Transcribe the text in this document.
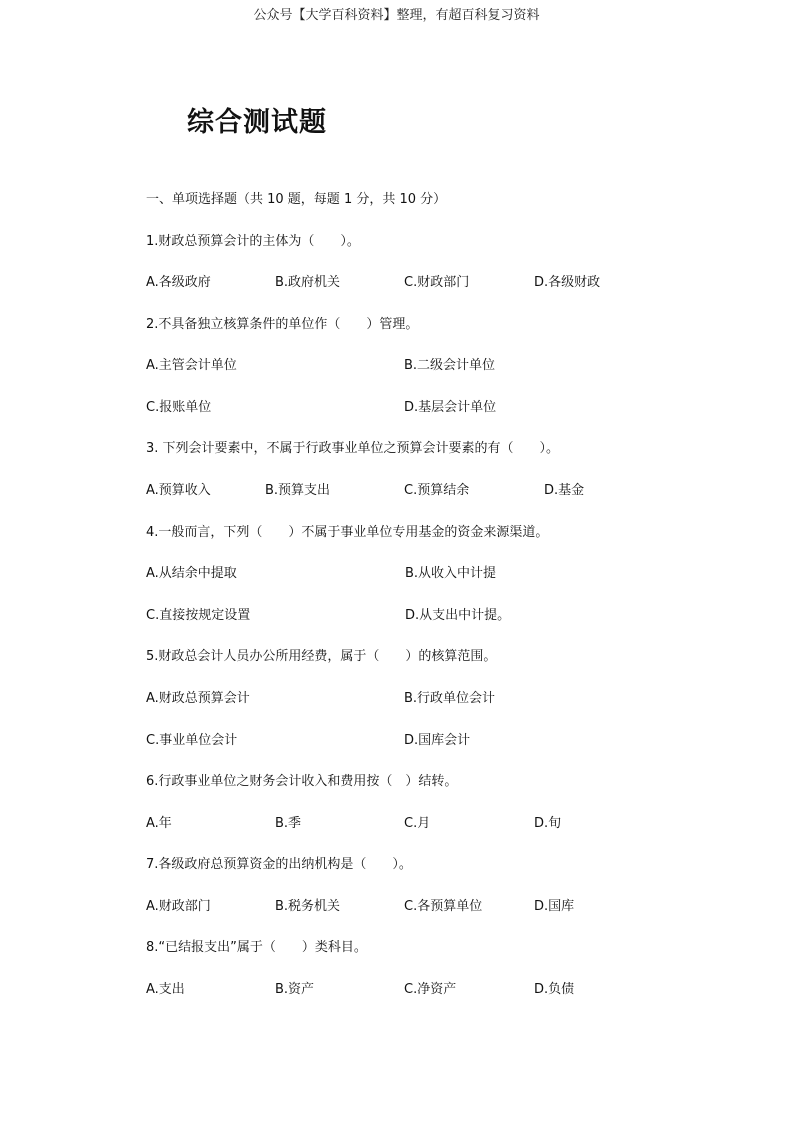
公众号【大学百科资料】整理，有超百科复习资料
综合测试题
一、单项选择题（共 10 题，每题 1 分，共 10 分）
1.财政总预算会计的主体为（　　）。
A.各级政府	B.政府机关	C.财政部门	D.各级财政
2.不具备独立核算条件的单位作（　　）管理。
A.主管会计单位	B.二级会计单位
C.报账单位	D.基层会计单位
3. 下列会计要素中，不属于行政事业单位之预算会计要素的有（　　）。
A.预算收入	B.预算支出	C.预算结余	D.基金
4.一般而言，下列（　　）不属于事业单位专用基金的资金来源渠道。
A.从结余中提取	B.从收入中计提
C.直接按规定设置	D.从支出中计提。
5.财政总会计人员办公所用经费，属于（　　）的核算范围。
A.财政总预算会计	B.行政单位会计
C.事业单位会计	D.国库会计
6.行政事业单位之财务会计收入和费用按（　）结转。
A.年	B.季	C.月	D.旬
7.各级政府总预算资金的出纳机构是（　　）。
A.财政部门	B.税务机关	C.各预算单位	D.国库
8.“已结报支出”属于（　　）类科目。
A.支出	B.资产	C.净资产	D.负债
